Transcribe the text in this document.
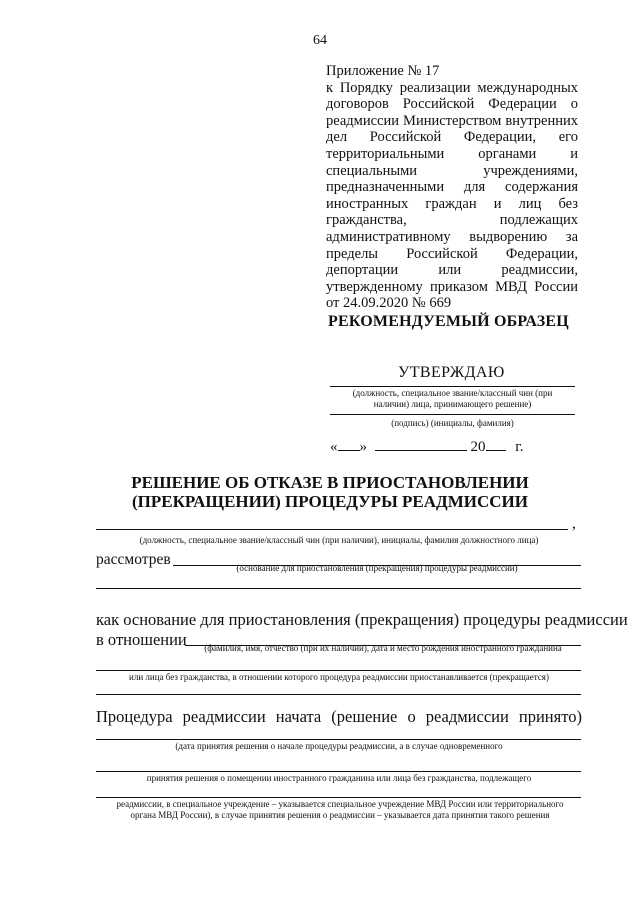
64
Приложение № 17
к Порядку реализации международных договоров Российской Федерации о реадмиссии Министерством внутренних дел Российской Федерации, его территориальными органами и специальными учреждениями, предназначенными для содержания иностранных граждан и лиц без гражданства, подлежащих административному выдворению за пределы Российской Федерации, депортации или реадмиссии, утвержденному приказом МВД России от 24.09.2020 № 669
РЕКОМЕНДУЕМЫЙ ОБРАЗЕЦ
УТВЕРЖДАЮ
(должность, специальное звание/классный чин (при
наличии) лица, принимающего решение)
(подпись) (инициалы, фамилия)
« »	20 г.
РЕШЕНИЕ ОБ ОТКАЗЕ В ПРИОСТАНОВЛЕНИИ
(ПРЕКРАЩЕНИИ) ПРОЦЕДУРЫ РЕАДМИССИИ
,
(должность, специальное звание/классный чин (при наличии), инициалы, фамилия должностного лица)
рассмотрев	(основание для приостановления (прекращения) процедуры реадмиссии)
как основание для приостановления (прекращения) процедуры реадмиссии
в отношении	(фамилия, имя, отчество (при их наличии), дата и место рождения иностранного гражданина
или лица без гражданства, в отношении которого процедура реадмиссии приостанавливается (прекращается)
Процедура реадмиссии начата (решение о реадмиссии принято)
(дата принятия решения о начале процедуры реадмиссии, а в случае одновременного
принятия решения о помещении иностранного гражданина или лица без гражданства, подлежащего
реадмиссии, в специальное учреждение – указывается специальное учреждение МВД России или территориального
органа МВД России), в случае принятия решения о реадмиссии – указывается дата принятия такого решения
